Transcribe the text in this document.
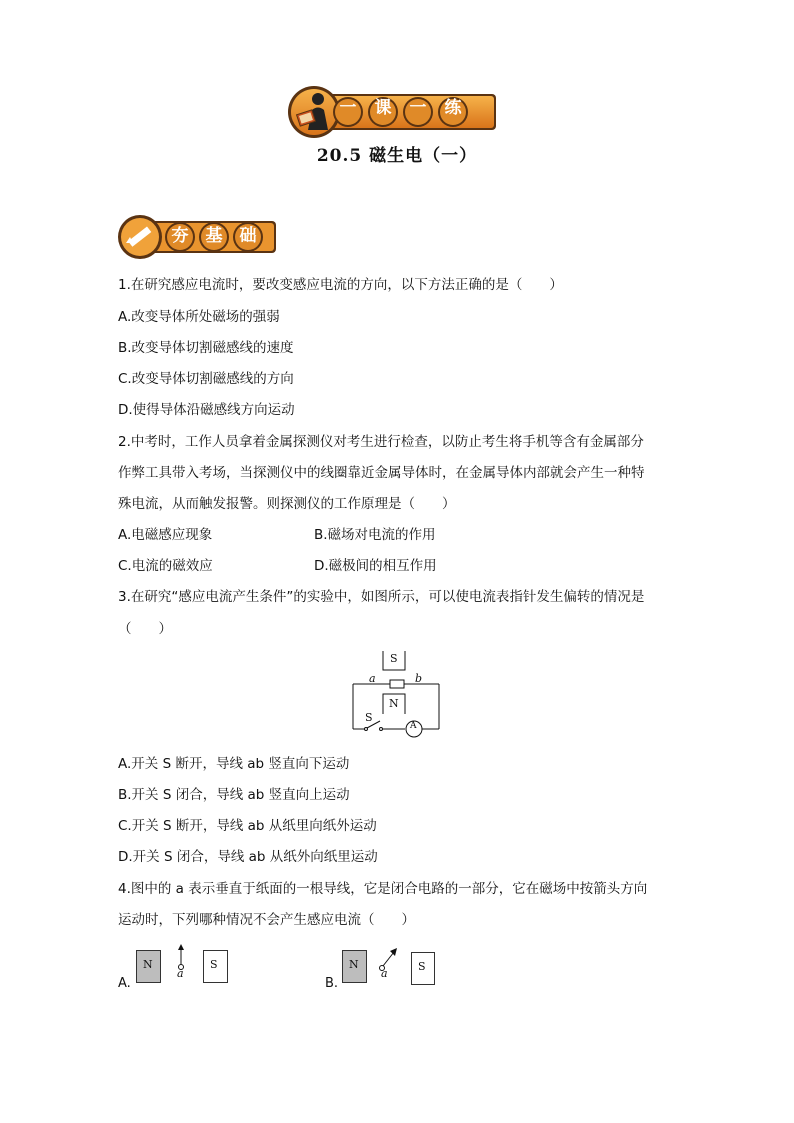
一	课	一	练
20.5 磁生电（一）
夯	基	础
1.在研究感应电流时，要改变感应电流的方向，以下方法正确的是（　　）
A.改变导体所处磁场的强弱
B.改变导体切割磁感线的速度
C.改变导体切割磁感线的方向
D.使得导体沿磁感线方向运动
2.中考时，工作人员拿着金属探测仪对考生进行检查，以防止考生将手机等含有金属部分
作弊工具带入考场，当探测仪中的线圈靠近金属导体时，在金属导体内部就会产生一种特
殊电流，从而触发报警。则探测仪的工作原理是（　　）
A.电磁感应现象	B.磁场对电流的作用
C.电流的磁效应	D.磁极间的相互作用
3.在研究“感应电流产生条件”的实验中，如图所示，可以使电流表指针发生偏转的情况是
（　　）
S
a	b
N
S
A
A.开关 S 断开，导线 ab 竖直向下运动
B.开关 S 闭合，导线 ab 竖直向上运动
C.开关 S 断开，导线 ab 从纸里向纸外运动
D.开关 S 闭合，导线 ab 从纸外向纸里运动
4.图中的 a 表示垂直于纸面的一根导线，它是闭合电路的一部分，它在磁场中按箭头方向
运动时，下列哪种情况不会产生感应电流（　　）
A.
N
a
S
B.
N
a
S
